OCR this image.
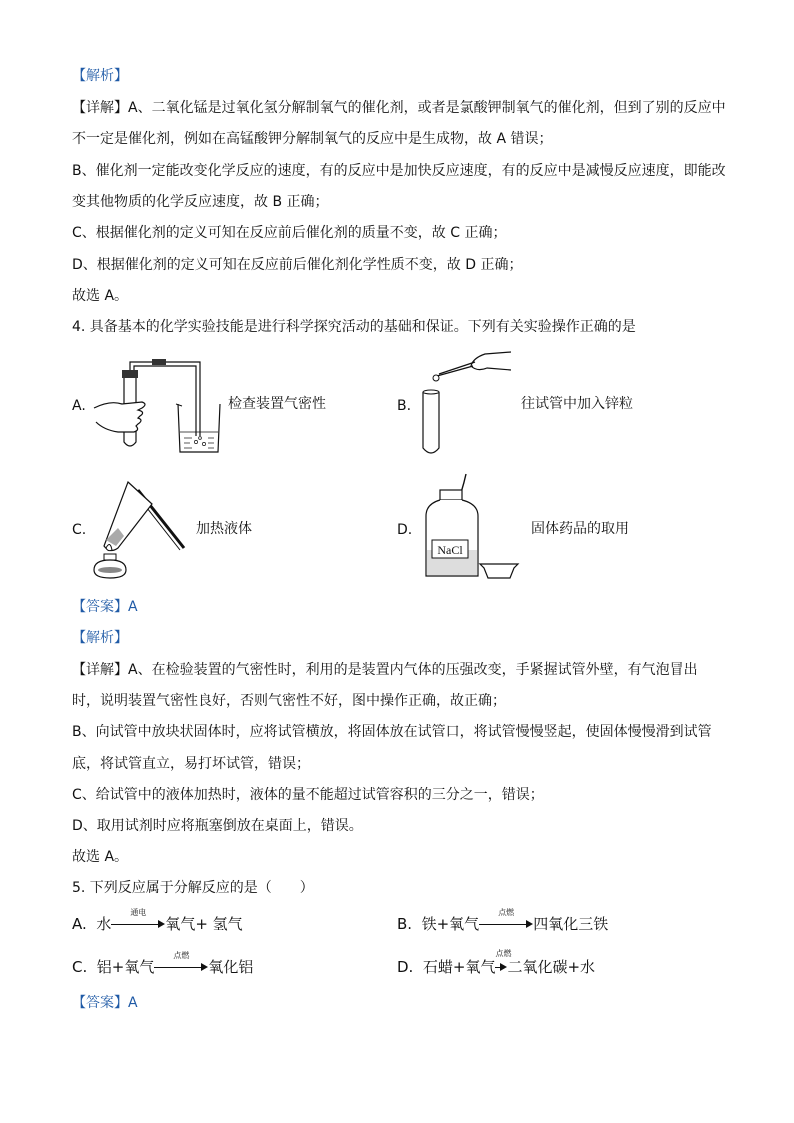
【解析】
【详解】A、二氧化锰是过氧化氢分解制氧气的催化剂，或者是氯酸钾制氧气的催化剂，但到了别的反应中
不一定是催化剂，例如在高锰酸钾分解制氧气的反应中是生成物，故 A 错误；
B、催化剂一定能改变化学反应的速度，有的反应中是加快反应速度，有的反应中是减慢反应速度，即能改
变其他物质的化学反应速度，故 B 正确；
C、根据催化剂的定义可知在反应前后催化剂的质量不变，故 C 正确；
D、根据催化剂的定义可知在反应前后催化剂化学性质不变，故 D 正确；
故选 A。
4. 具备基本的化学实验技能是进行科学探究活动的基础和保证。下列有关实验操作正确的是
A.	检查装置气密性	B.	往试管中加入锌粒
C.	加热液体	D.
NaCl
固体药品的取用
【答案】A
【解析】
【详解】A、在检验装置的气密性时，利用的是装置内气体的压强改变，手紧握试管外壁，有气泡冒出
时，说明装置气密性良好，否则气密性不好，图中操作正确，故正确；
B、向试管中放块状固体时，应将试管横放，将固体放在试管口，将试管慢慢竖起，使固体慢慢滑到试管
底，将试管直立，易打坏试管，错误；
C、给试管中的液体加热时，液体的量不能超过试管容积的三分之一，错误；
D、取用试剂时应将瓶塞倒放在桌面上，错误。
故选 A。
5. 下列反应属于分解反应的是（　　）
A. 水
通电
氧气+ 氢气	B. 铁+氧气
点燃
四氧化三铁
C. 铝+氧气
点燃
氧化铝	D. 石蜡+氧气
点燃
二氧化碳+水
【答案】A
